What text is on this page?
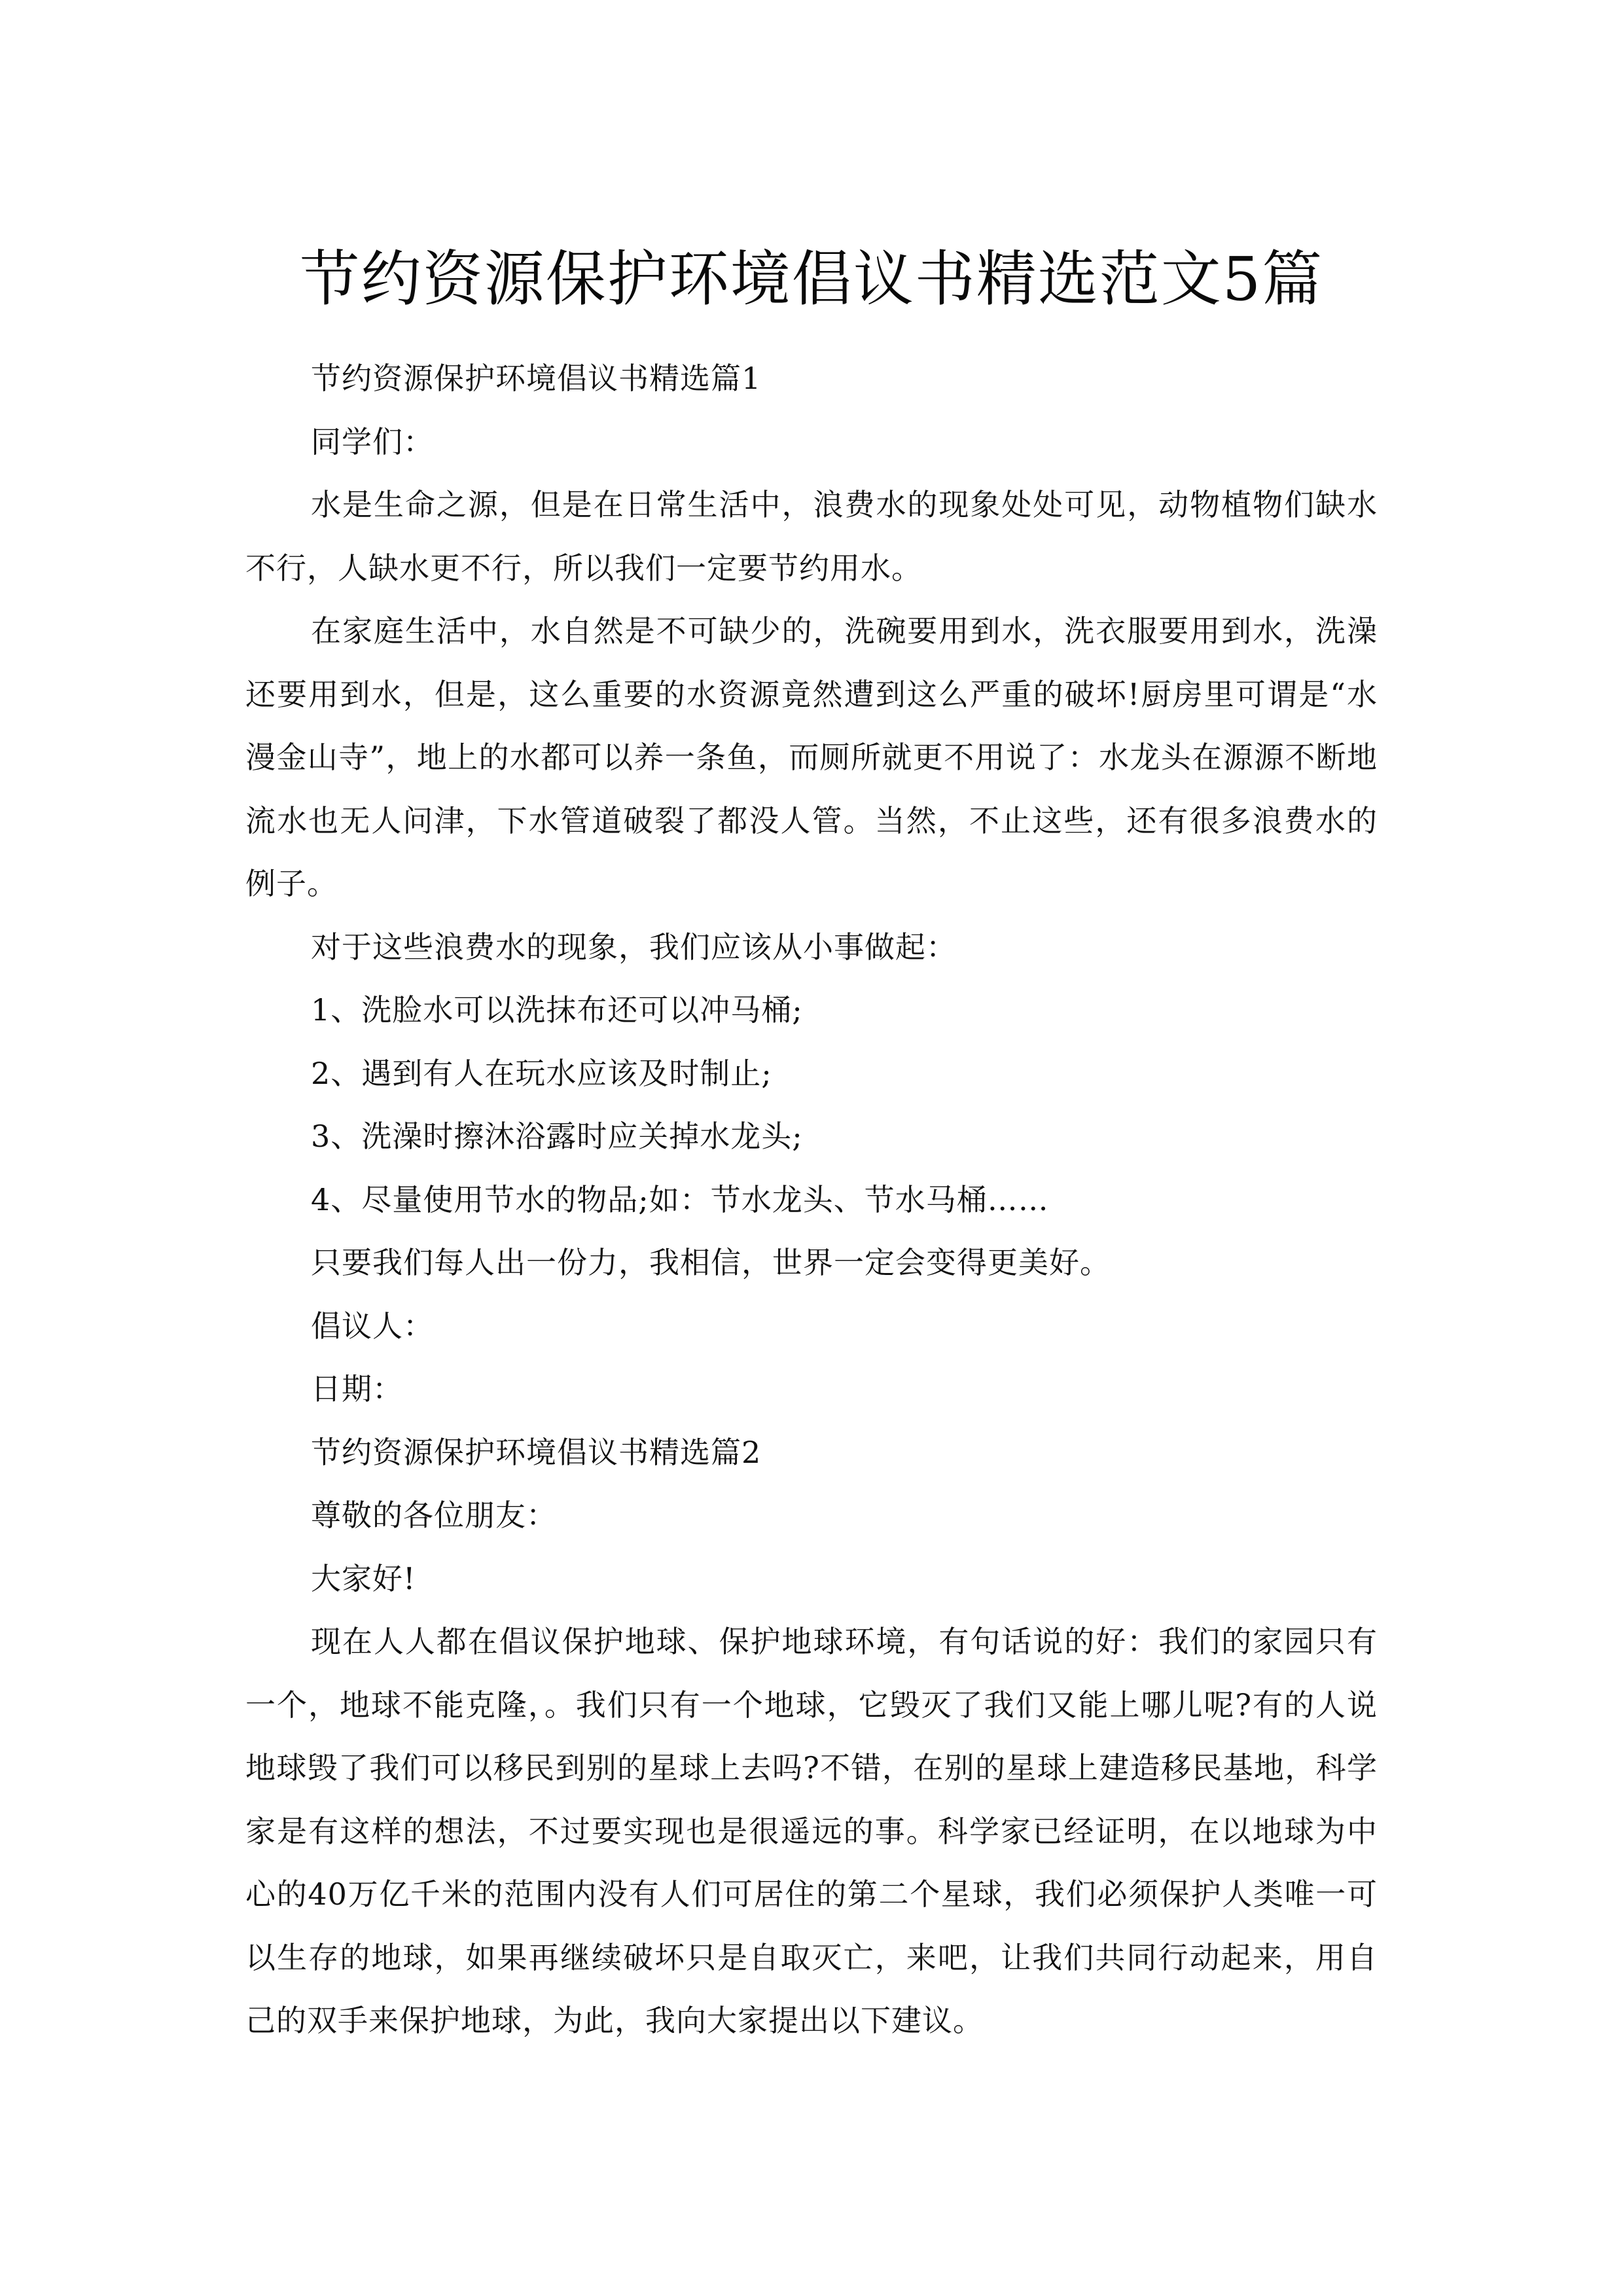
节约资源保护环境倡议书精选范文5篇

节约资源保护环境倡议书精选篇1

同学们：

水是生命之源，但是在日常生活中，浪费水的现象处处可见，动物植物们缺水不行，人缺水更不行，所以我们一定要节约用水。

在家庭生活中，水自然是不可缺少的，洗碗要用到水，洗衣服要用到水，洗澡还要用到水，但是，这么重要的水资源竟然遭到这么严重的破坏!厨房里可谓是“水漫金山寺”，地上的水都可以养一条鱼，而厕所就更不用说了：水龙头在源源不断地流水也无人问津，下水管道破裂了都没人管。当然，不止这些，还有很多浪费水的例子。

对于这些浪费水的现象，我们应该从小事做起：

1、洗脸水可以洗抹布还可以冲马桶;

2、遇到有人在玩水应该及时制止;

3、洗澡时擦沐浴露时应关掉水龙头;

4、尽量使用节水的物品;如：节水龙头、节水马桶……

只要我们每人出一份力，我相信，世界一定会变得更美好。

倡议人：

日期：

节约资源保护环境倡议书精选篇2

尊敬的各位朋友：

大家好!

现在人人都在倡议保护地球、保护地球环境，有句话说的好：我们的家园只有一个，地球不能克隆，。我们只有一个地球，它毁灭了我们又能上哪儿呢?有的人说地球毁了我们可以移民到别的星球上去吗?不错，在别的星球上建造移民基地，科学家是有这样的想法，不过要实现也是很遥远的事。科学家已经证明，在以地球为中心的40万亿千米的范围内没有人们可居住的第二个星球，我们必须保护人类唯一可以生存的地球，如果再继续破坏只是自取灭亡，来吧，让我们共同行动起来，用自己的双手来保护地球，为此，我向大家提出以下建议。
